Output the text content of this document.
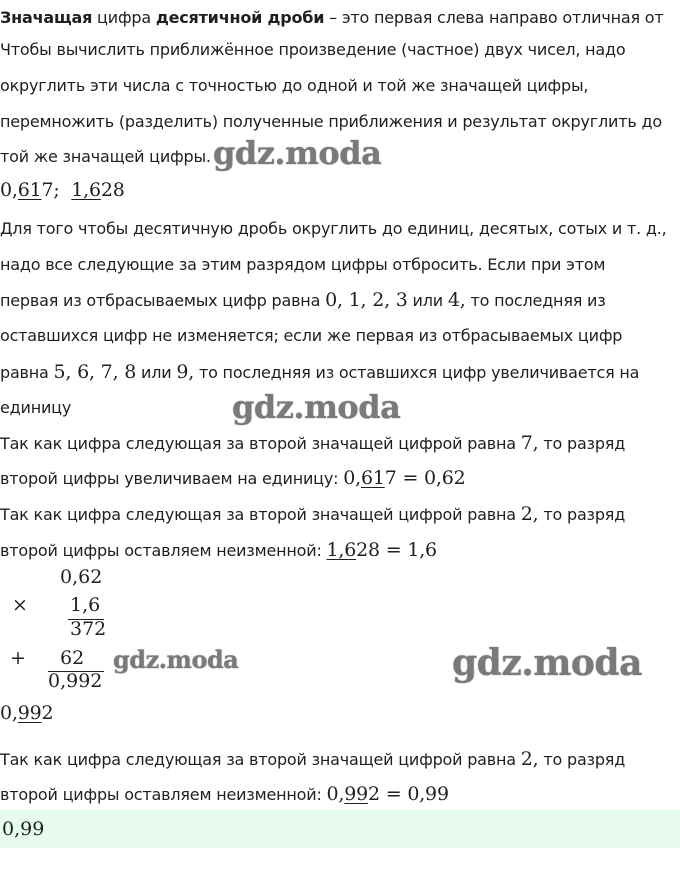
Значащая цифра десятичной дроби – это первая слева направо отличная от
Чтобы вычислить приближённое произведение (частное) двух чисел, надо
округлить эти числа с точностью до одной и той же значащей цифры,
перемножить (разделить) полученные приближения и результат округлить до
той же значащей цифры. gdz.moda
0,617; 1,628
Для того чтобы десятичную дробь округлить до единиц, десятых, сотых и т. д.,
надо все следующие за этим разрядом цифры отбросить. Если при этом
первая из отбрасываемых цифр равна 0, 1, 2, 3 или 4, то последняя из
оставшихся цифр не изменяется; если же первая из отбрасываемых цифр
равна 5, 6, 7, 8 или 9, то последняя из оставшихся цифр увеличивается на
единицу	gdz.moda
Так как цифра следующая за второй значащей цифрой равна 7, то разряд
второй цифры увеличиваем на единицу: 0,617 = 0,62
Так как цифра следующая за второй значащей цифрой равна 2, то разряд
второй цифры оставляем неизменной: 1,628 = 1,6
0,62
× 1,6
372
+ 62
0,992
gdz.moda	gdz.moda
0,992
Так как цифра следующая за второй значащей цифрой равна 2, то разряд
второй цифры оставляем неизменной: 0,992 = 0,99
0,99
